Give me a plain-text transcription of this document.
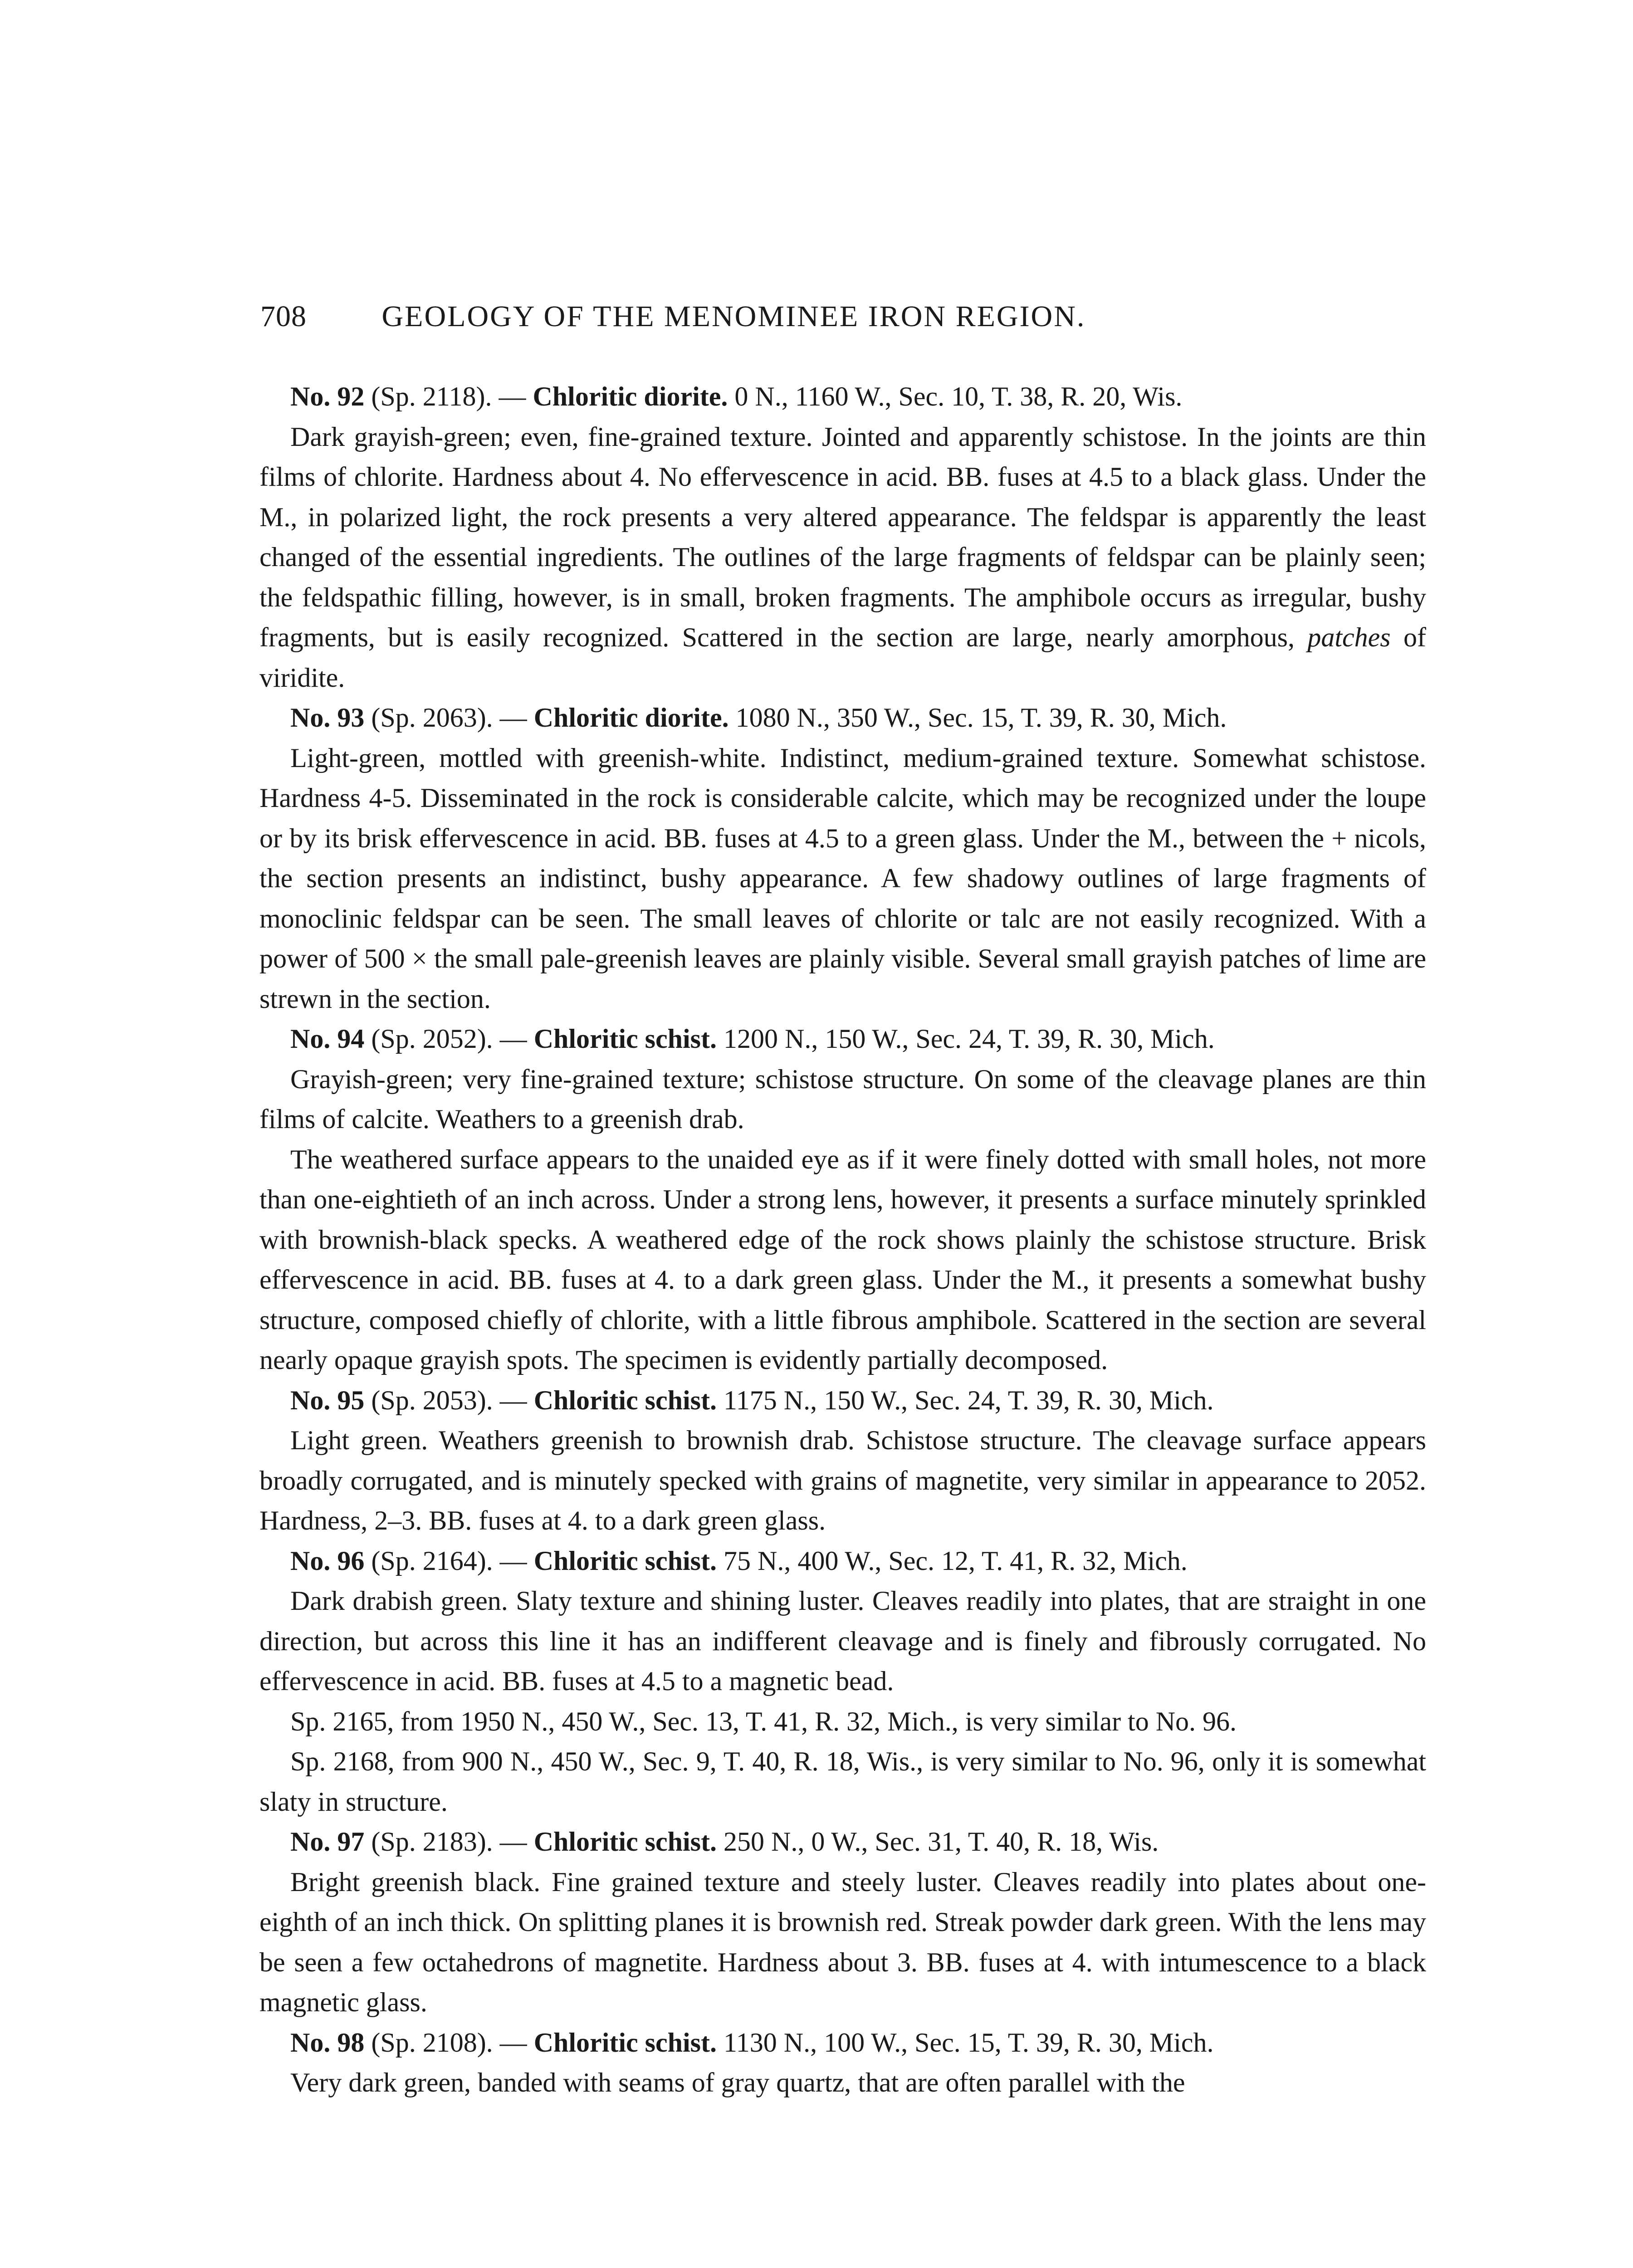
708	GEOLOGY OF THE MENOMINEE IRON REGION.

No. 92 (Sp. 2118). — Chloritic diorite. 0 N., 1160 W., Sec. 10, T. 38, R. 20, Wis.

Dark grayish-green; even, fine-grained texture. Jointed and apparently schistose. In the joints are thin films of chlorite. Hardness about 4. No effervescence in acid. BB. fuses at 4.5 to a black glass. Under the M., in polarized light, the rock presents a very altered appearance. The feldspar is apparently the least changed of the essential ingredients. The outlines of the large fragments of feldspar can be plainly seen; the feldspathic filling, however, is in small, broken fragments. The amphibole occurs as irregular, bushy fragments, but is easily recognized. Scattered in the section are large, nearly amorphous, patches of viridite.

No. 93 (Sp. 2063). — Chloritic diorite. 1080 N., 350 W., Sec. 15, T. 39, R. 30, Mich.

Light-green, mottled with greenish-white. Indistinct, medium-grained texture. Somewhat schistose. Hardness 4-5. Disseminated in the rock is considerable calcite, which may be recognized under the loupe or by its brisk effervescence in acid. BB. fuses at 4.5 to a green glass. Under the M., between the + nicols, the section presents an indistinct, bushy appearance. A few shadowy outlines of large fragments of monoclinic feldspar can be seen. The small leaves of chlorite or talc are not easily recognized. With a power of 500 × the small pale-greenish leaves are plainly visible. Several small grayish patches of lime are strewn in the section.

No. 94 (Sp. 2052). — Chloritic schist. 1200 N., 150 W., Sec. 24, T. 39, R. 30, Mich.

Grayish-green; very fine-grained texture; schistose structure. On some of the cleavage planes are thin films of calcite. Weathers to a greenish drab.

The weathered surface appears to the unaided eye as if it were finely dotted with small holes, not more than one-eightieth of an inch across. Under a strong lens, however, it presents a surface minutely sprinkled with brownish-black specks. A weathered edge of the rock shows plainly the schistose structure. Brisk effervescence in acid. BB. fuses at 4. to a dark green glass. Under the M., it presents a somewhat bushy structure, composed chiefly of chlorite, with a little fibrous amphibole. Scattered in the section are several nearly opaque grayish spots. The specimen is evidently partially decomposed.

No. 95 (Sp. 2053). — Chloritic schist. 1175 N., 150 W., Sec. 24, T. 39, R. 30, Mich.

Light green. Weathers greenish to brownish drab. Schistose structure. The cleavage surface appears broadly corrugated, and is minutely specked with grains of magnetite, very similar in appearance to 2052. Hardness, 2–3. BB. fuses at 4. to a dark green glass.

No. 96 (Sp. 2164). — Chloritic schist. 75 N., 400 W., Sec. 12, T. 41, R. 32, Mich.

Dark drabish green. Slaty texture and shining luster. Cleaves readily into plates, that are straight in one direction, but across this line it has an indifferent cleavage and is finely and fibrously corrugated. No effervescence in acid. BB. fuses at 4.5 to a magnetic bead.

Sp. 2165, from 1950 N., 450 W., Sec. 13, T. 41, R. 32, Mich., is very similar to No. 96.

Sp. 2168, from 900 N., 450 W., Sec. 9, T. 40, R. 18, Wis., is very similar to No. 96, only it is somewhat slaty in structure.

No. 97 (Sp. 2183). — Chloritic schist. 250 N., 0 W., Sec. 31, T. 40, R. 18, Wis.

Bright greenish black. Fine grained texture and steely luster. Cleaves readily into plates about one-eighth of an inch thick. On splitting planes it is brownish red. Streak powder dark green. With the lens may be seen a few octahedrons of magnetite. Hardness about 3. BB. fuses at 4. with intumescence to a black magnetic glass.

No. 98 (Sp. 2108). — Chloritic schist. 1130 N., 100 W., Sec. 15, T. 39, R. 30, Mich.

Very dark green, banded with seams of gray quartz, that are often parallel with the
